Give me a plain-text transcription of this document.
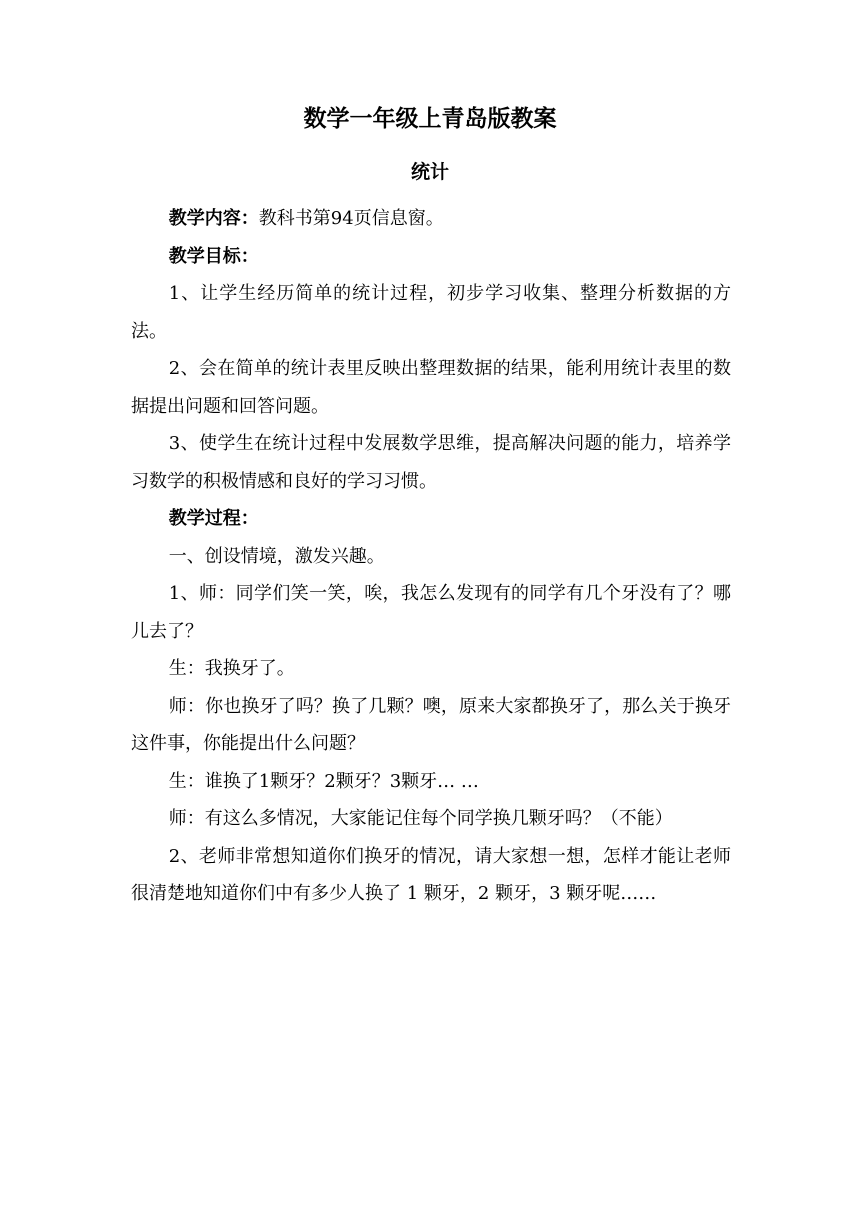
数学一年级上青岛版教案
统计

教学内容：教科书第94页信息窗。

教学目标：

1、让学生经历简单的统计过程，初步学习收集、整理分析数据的方法。

2、会在简单的统计表里反映出整理数据的结果，能利用统计表里的数据提出问题和回答问题。

3、使学生在统计过程中发展数学思维，提高解决问题的能力，培养学习数学的积极情感和良好的学习习惯。

教学过程：

一、创设情境，激发兴趣。

1、师：同学们笑一笑，唉，我怎么发现有的同学有几个牙没有了？哪儿去了？

生：我换牙了。

师：你也换牙了吗？换了几颗？噢，原来大家都换牙了，那么关于换牙这件事，你能提出什么问题？

生：谁换了1颗牙？2颗牙？3颗牙… …

师：有这么多情况，大家能记住每个同学换几颗牙吗？（不能）

2、老师非常想知道你们换牙的情况，请大家想一想，怎样才能让老师很清楚地知道你们中有多少人换了 1 颗牙，2 颗牙，3 颗牙呢……
